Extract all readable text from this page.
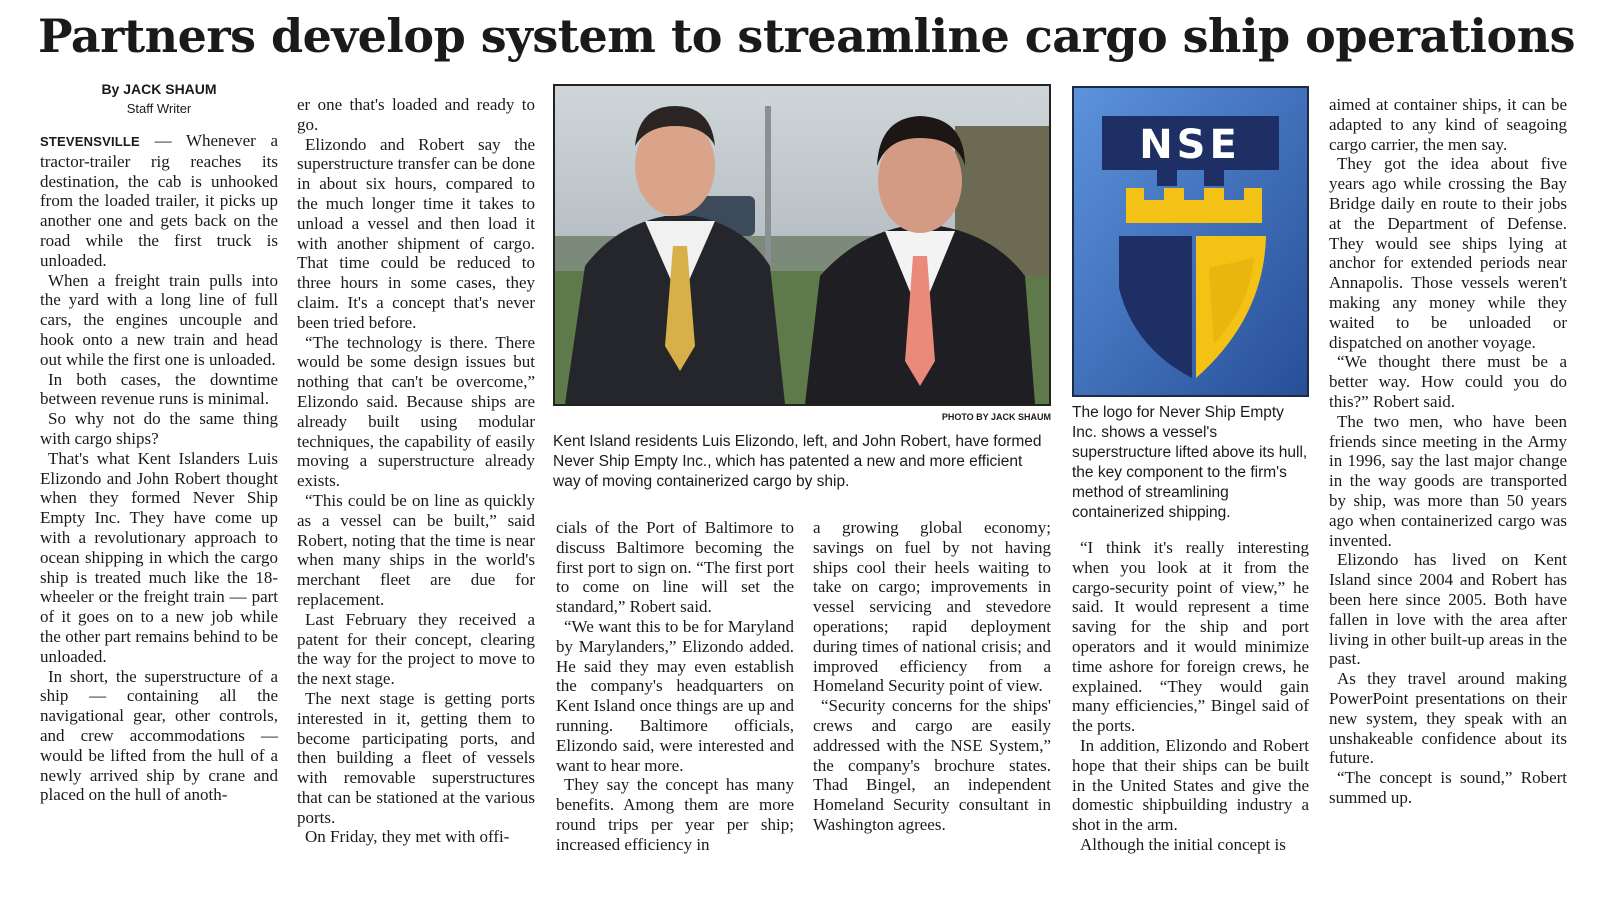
Partners develop system to streamline cargo ship operations
By JACK SHAUM
Staff Writer

STEVENSVILLE — Whenever a tractor-trailer rig reaches its destination, the cab is unhooked from the loaded trailer, it picks up another one and gets back on the road while the first truck is unloaded.

When a freight train pulls into the yard with a long line of full cars, the engines uncouple and hook onto a new train and head out while the first one is unloaded.

In both cases, the downtime between revenue runs is minimal.

So why not do the same thing with cargo ships?

That's what Kent Islanders Luis Elizondo and John Robert thought when they formed Never Ship Empty Inc. They have come up with a revolutionary approach to ocean shipping in which the cargo ship is treated much like the 18-wheeler or the freight train — part of it goes on to a new job while the other part remains behind to be unloaded.

In short, the superstructure of a ship — containing all the navigational gear, other controls, and crew accommodations — would be lifted from the hull of a newly arrived ship by crane and placed on the hull of anoth-

er one that's loaded and ready to go.

Elizondo and Robert say the superstructure transfer can be done in about six hours, compared to the much longer time it takes to unload a vessel and then load it with another shipment of cargo. That time could be reduced to three hours in some cases, they claim. It's a concept that's never been tried before.

“The technology is there. There would be some design issues but nothing that can't be overcome,” Elizondo said. Because ships are already built using modular techniques, the capability of easily moving a superstructure already exists.

“This could be on line as quickly as a vessel can be built,” said Robert, noting that the time is near when many ships in the world's merchant fleet are due for replacement.

Last February they received a patent for their concept, clearing the way for the project to move to the next stage.

The next stage is getting ports interested in it, getting them to become participating ports, and then building a fleet of vessels with removable superstructures that can be stationed at the various ports.

On Friday, they met with offi-

PHOTO BY JACK SHAUM
Kent Island residents Luis Elizondo, left, and John Robert, have formed Never Ship Empty Inc., which has patented a new and more efficient way of moving containerized cargo by ship.

cials of the Port of Baltimore to discuss Baltimore becoming the first port to sign on. “The first port to come on line will set the standard,” Robert said.

“We want this to be for Maryland by Marylanders,” Elizondo added. He said they may even establish the company's headquarters on Kent Island once things are up and running. Baltimore officials, Elizondo said, were interested and want to hear more.

They say the concept has many benefits. Among them are more round trips per year per ship; increased efficiency in

a growing global economy; savings on fuel by not having ships cool their heels waiting to take on cargo; improvements in vessel servicing and stevedore operations; rapid deployment during times of national crisis; and improved efficiency from a Homeland Security point of view.

“Security concerns for the ships' crews and cargo are easily addressed with the NSE System,” the company's brochure states. Thad Bingel, an independent Homeland Security consultant in Washington agrees.

NSE
The logo for Never Ship Empty Inc. shows a vessel's superstructure lifted above its hull, the key component to the firm's method of streamlining containerized shipping.

“I think it's really interesting when you look at it from the cargo-security point of view,” he said. It would represent a time saving for the ship and port operators and it would minimize time ashore for foreign crews, he explained. “They would gain many efficiencies,” Bingel said of the ports.

In addition, Elizondo and Robert hope that their ships can be built in the United States and give the domestic shipbuilding industry a shot in the arm.

Although the initial concept is

aimed at container ships, it can be adapted to any kind of seagoing cargo carrier, the men say.

They got the idea about five years ago while crossing the Bay Bridge daily en route to their jobs at the Department of Defense. They would see ships lying at anchor for extended periods near Annapolis. Those vessels weren't making any money while they waited to be unloaded or dispatched on another voyage.

“We thought there must be a better way. How could you do this?” Robert said.

The two men, who have been friends since meeting in the Army in 1996, say the last major change in the way goods are transported by ship, was more than 50 years ago when containerized cargo was invented.

Elizondo has lived on Kent Island since 2004 and Robert has been here since 2005. Both have fallen in love with the area after living in other built-up areas in the past.

As they travel around making PowerPoint presentations on their new system, they speak with an unshakeable confidence about its future.

“The concept is sound,” Robert summed up.
